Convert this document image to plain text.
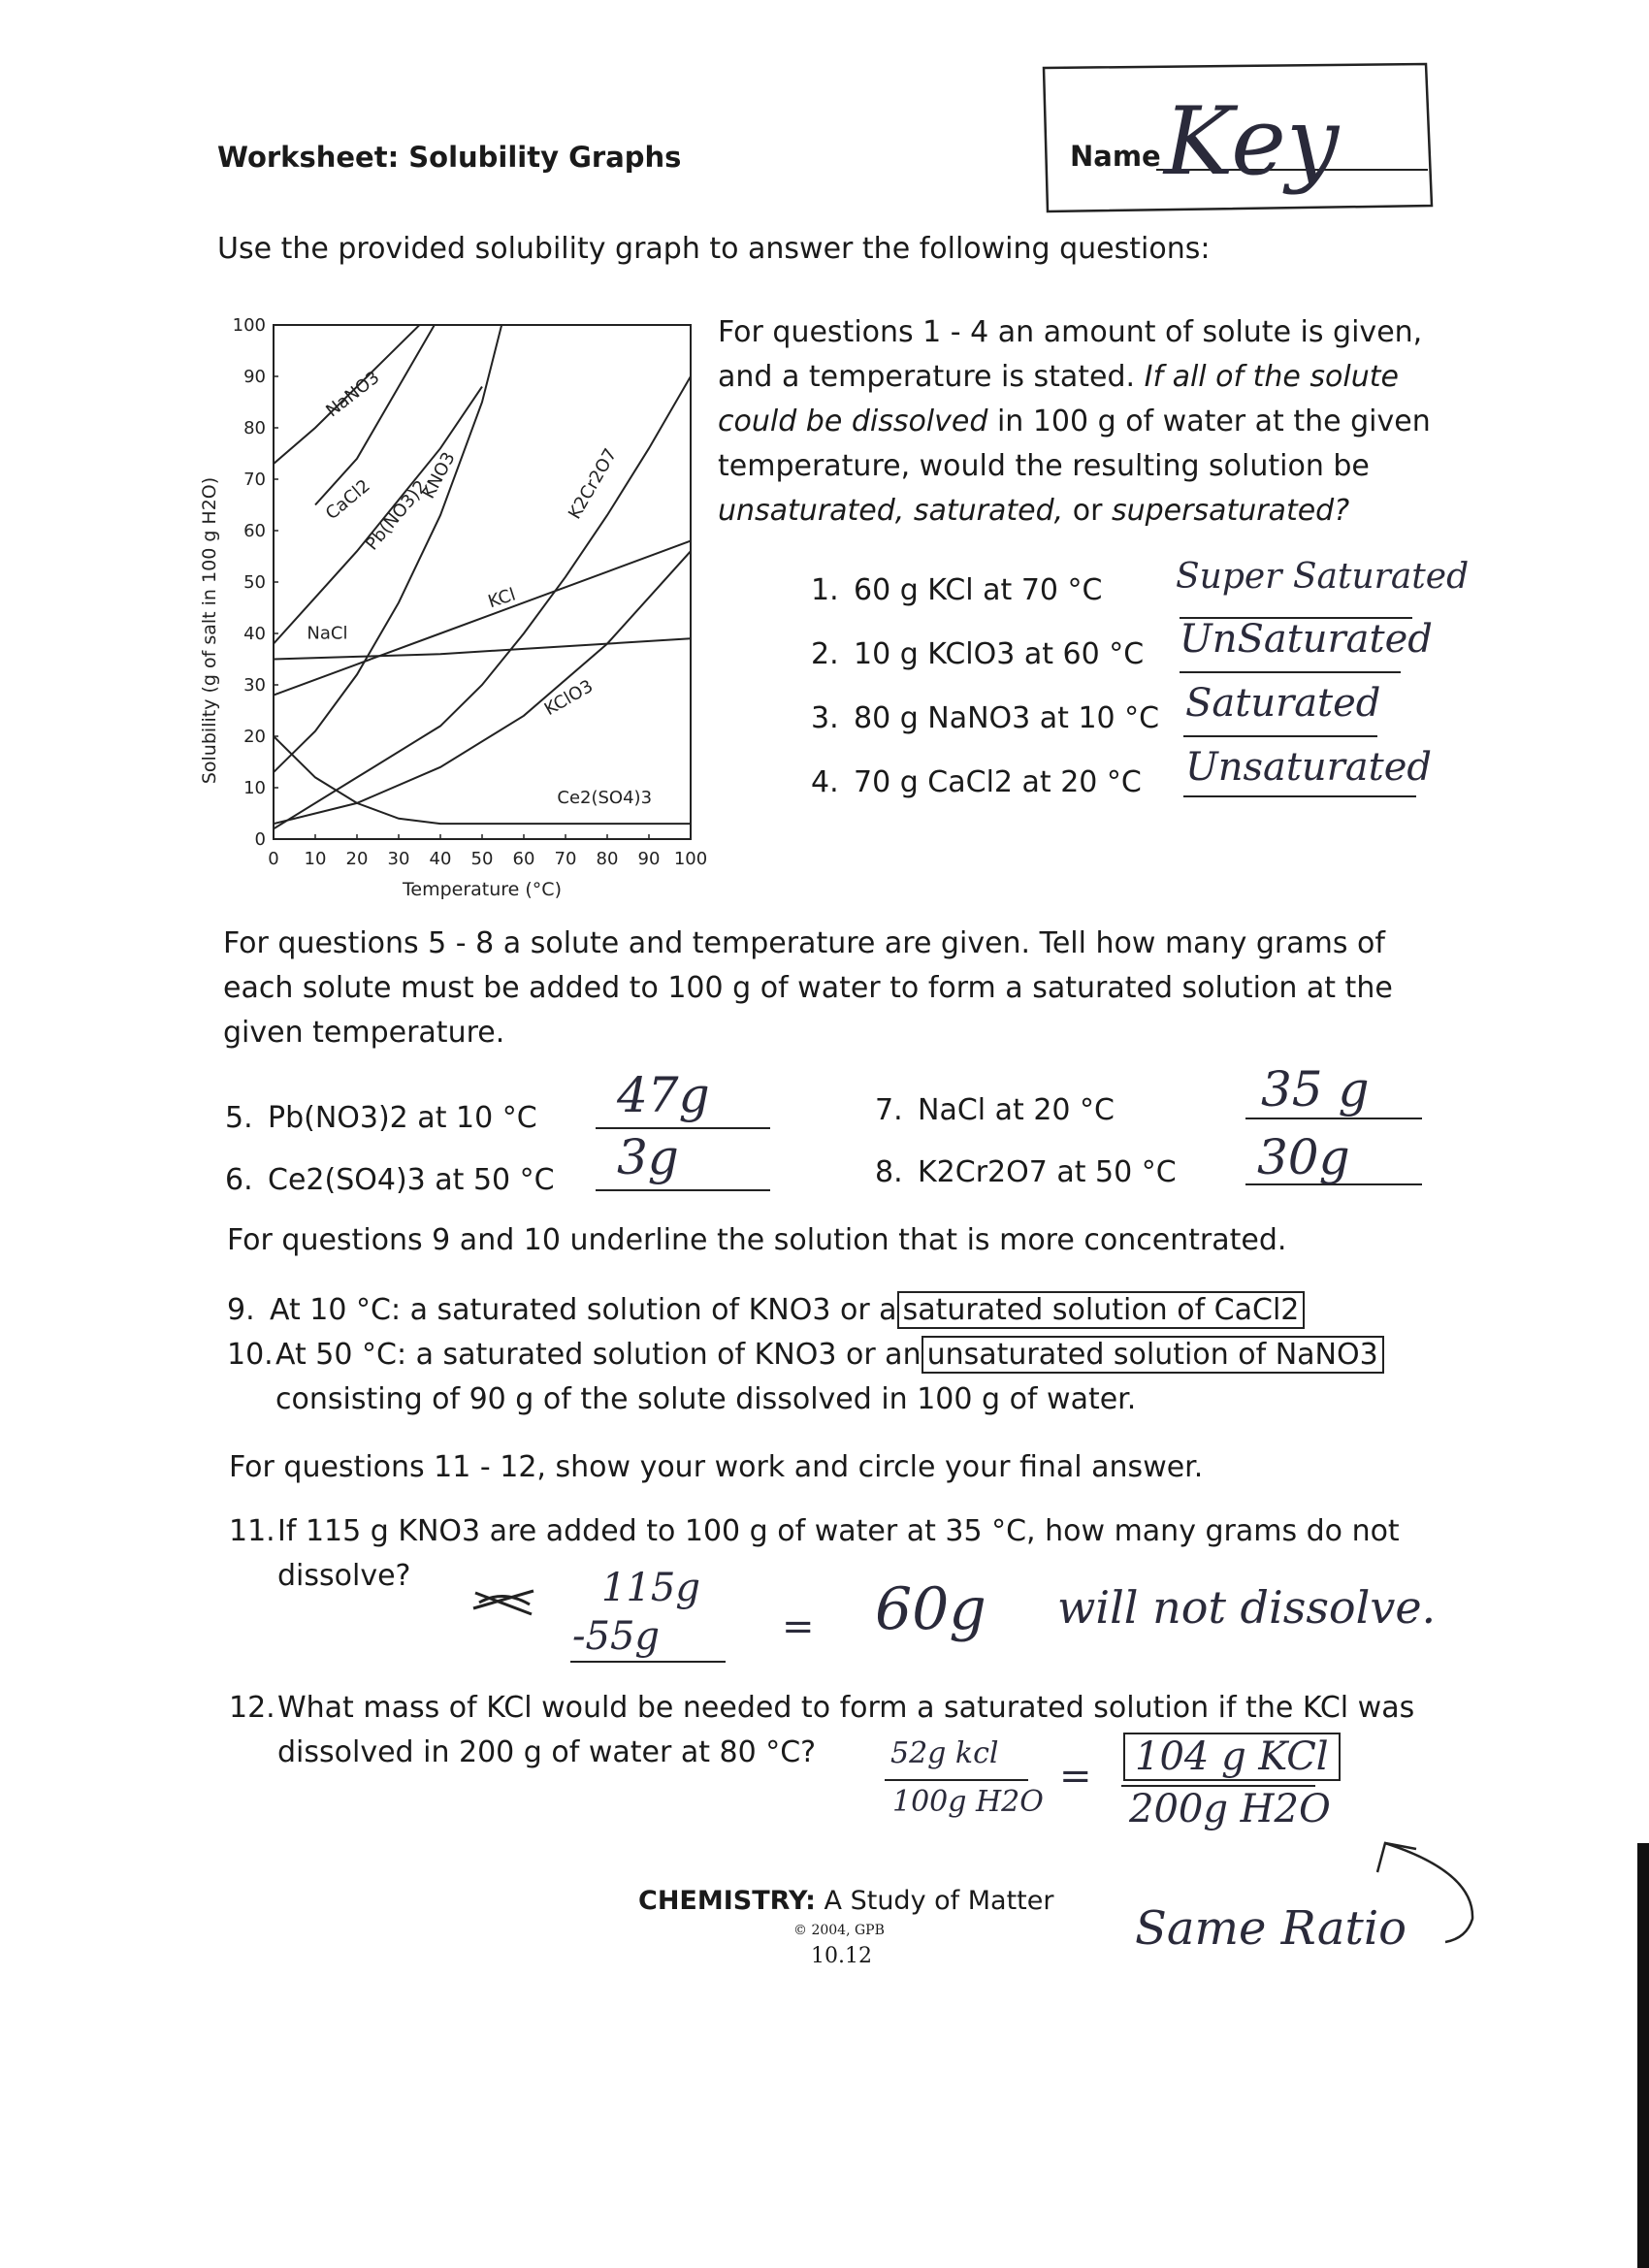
Worksheet: Solubility Graphs	Name Key
Use the provided solubility graph to answer the following questions:
0 10 20 30 40 50 60 70 80 90 100
0
10
20
30
40
50
60
70
80
90
100
NaNO3
CaCl2
Pb(NO3)2
KNO3	K2Cr2O7
KCl
NaCl
KClO3
Ce2(SO4)3
Temperature (°C)
Solubility (g of salt in 100 g H2O)
For questions 1 - 4 an amount of solute is given,
and a temperature is stated. If all of the solute
could be dissolved in 100 g of water at the given
temperature, would the resulting solution be
unsaturated, saturated, or supersaturated?
1. 60 g KCl at 70 °C Super Saturated
2. 10 g KClO3 at 60 °C UnSaturated
3. 80 g NaNO3 at 10 °C Saturated
4. 70 g CaCl2 at 20 °C Unsaturated
For questions 5 - 8 a solute and temperature are given. Tell how many grams of
each solute must be added to 100 g of water to form a saturated solution at the
given temperature.
5. Pb(NO3)2 at 10 °C 47g
6. Ce2(SO4)3 at 50 °C 3g
7. NaCl at 20 °C	35 g
8. K2Cr2O7 at 50 °C 30g
For questions 9 and 10 underline the solution that is more concentrated.
9. At 10 °C: a saturated solution of KNO3 or a saturated solution of CaCl2
10.At 50 °C: a saturated solution of KNO3 or an unsaturated solution of NaNO3
consisting of 90 g of the solute dissolved in 100 g of water.
For questions 11 - 12, show your work and circle your final answer.
11.If 115 g KNO3 are added to 100 g of water at 35 °C, how many grams do not
dissolve?	115g
-55g	= 60g will not dissolve.
12.What mass of KCl would be needed to form a saturated solution if the KCl was
dissolved in 200 g of water at 80 °C?	52g kcl
100g H2O
=	104 g KCl
200g H2O
Same Ratio
CHEMISTRY: A Study of Matter
© 2004, GPB
10.12
